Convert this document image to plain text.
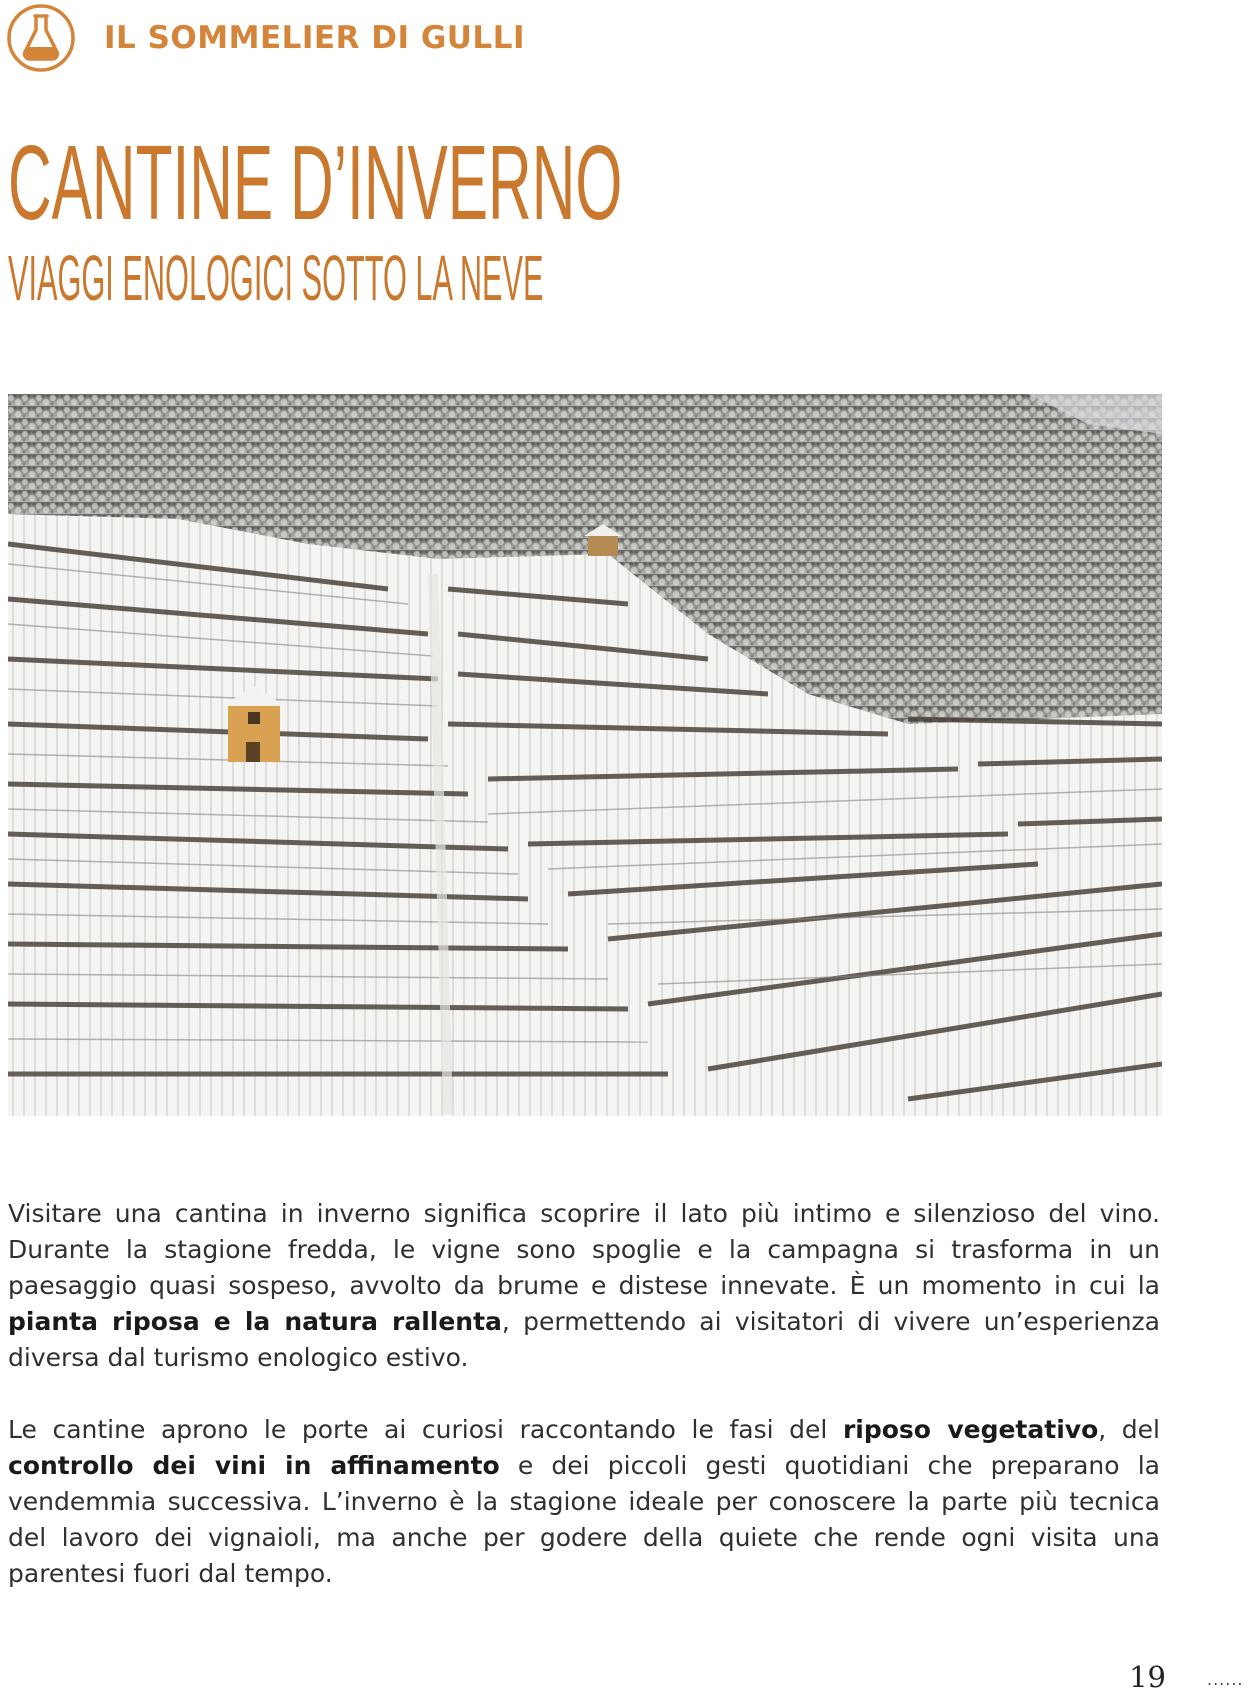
IL SOMMELIER DI GULLI
CANTINE D’INVERNO
VIAGGI ENOLOGICI SOTTO LA NEVE

Visitare una cantina in inverno significa scoprire il lato più intimo e silenzioso del vino. Durante la stagione fredda, le vigne sono spoglie e la campagna si trasforma in un paesaggio quasi sospeso, avvolto da brume e distese innevate. È un momento in cui la pianta riposa e la natura rallenta, permettendo ai visitatori di vivere un’esperienza diversa dal turismo enologico estivo.

Le cantine aprono le porte ai curiosi raccontando le fasi del riposo vegetativo, del controllo dei vini in affinamento e dei piccoli gesti quotidiani che preparano la vendemmia successiva. L’inverno è la stagione ideale per conoscere la parte più tecnica del lavoro dei vignaioli, ma anche per godere della quiete che rende ogni visita una parentesi fuori dal tempo.

19	......
